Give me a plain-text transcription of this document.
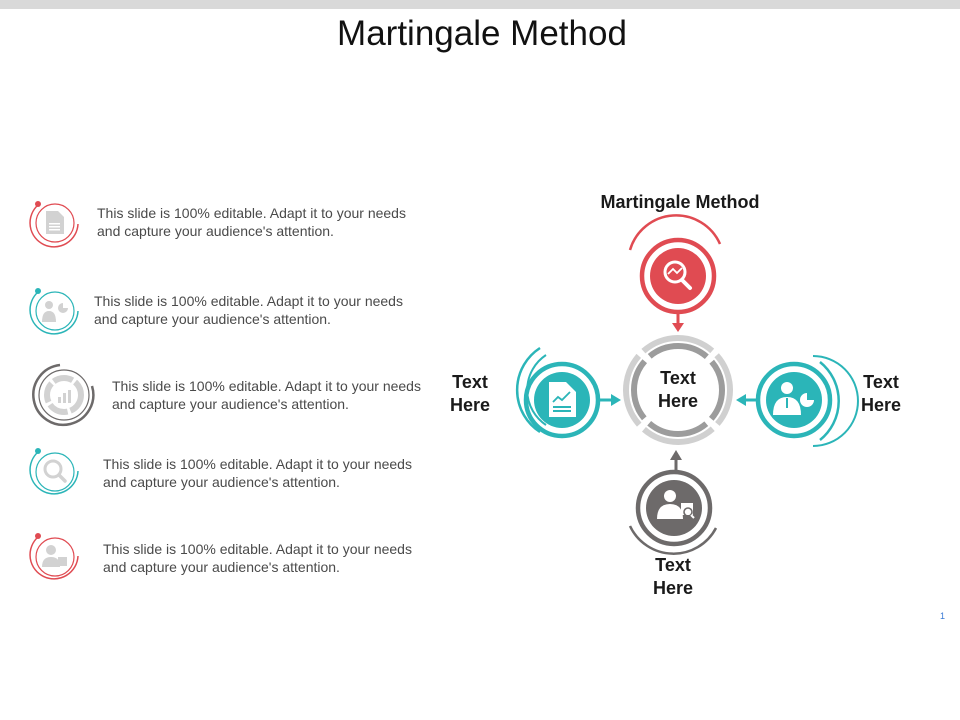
Martingale Method
This slide is 100% editable. Adapt it to your needs
and capture your audience's attention.
This slide is 100% editable. Adapt it to your needs
and capture your audience's attention.
This slide is 100% editable. Adapt it to your needs
and capture your audience's attention.
This slide is 100% editable. Adapt it to your needs
and capture your audience's attention.
This slide is 100% editable. Adapt it to your needs
and capture your audience's attention.
Martingale Method
Text
Here
Text
Here
Text
Here
Text
Here
1
